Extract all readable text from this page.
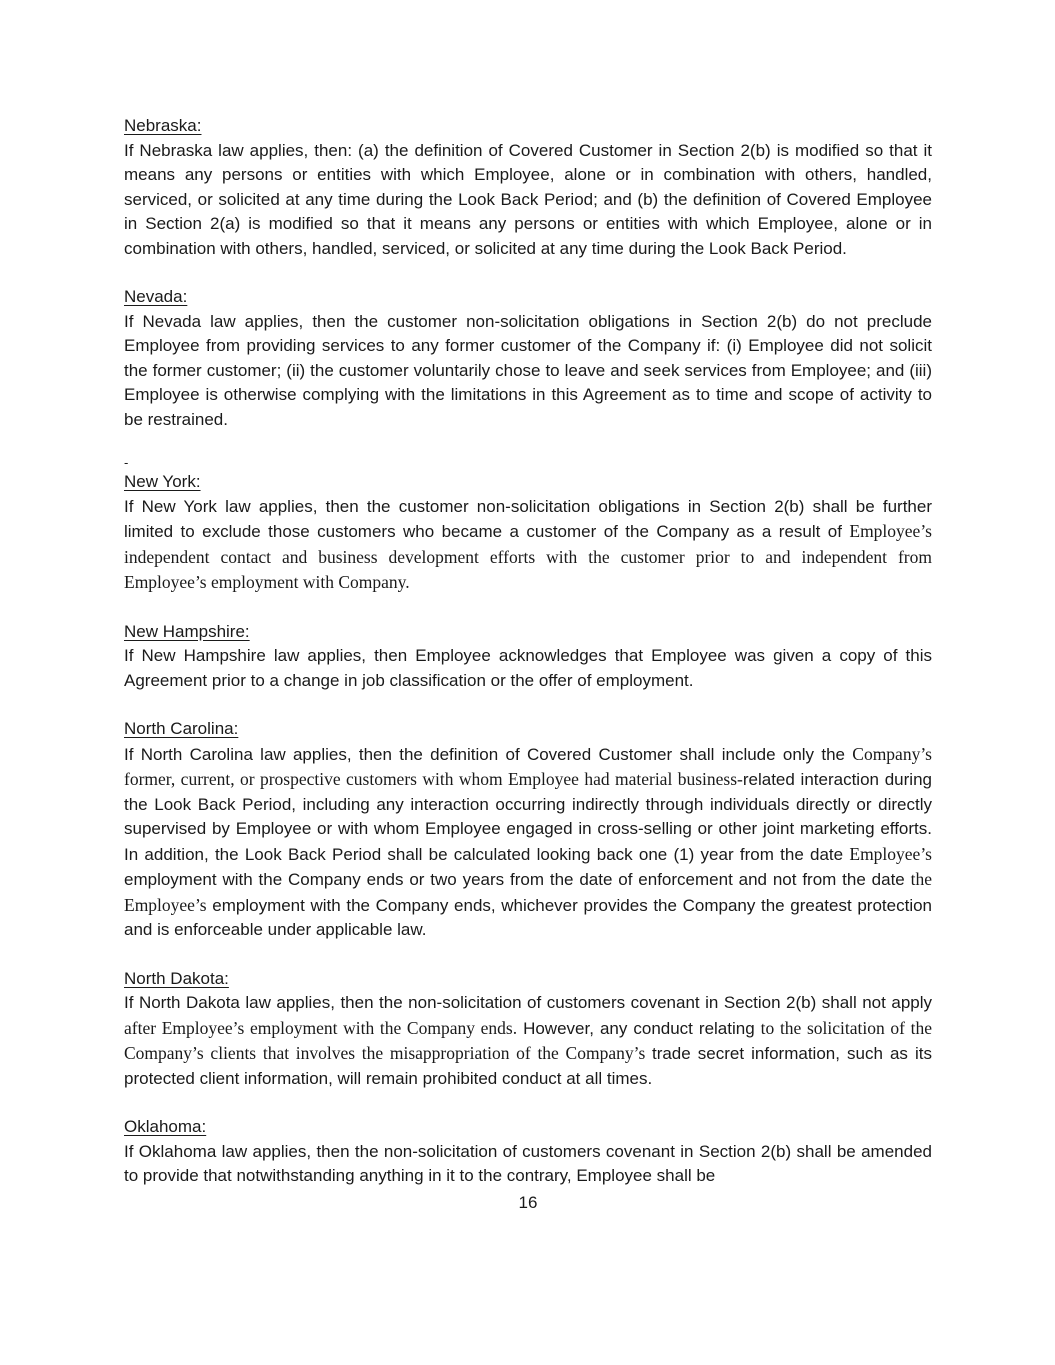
Nebraska:

If Nebraska law applies, then: (a) the definition of Covered Customer in Section 2(b) is modified so that it means any persons or entities with which Employee, alone or in combination with others, handled, serviced, or solicited at any time during the Look Back Period; and (b) the definition of Covered Employee in Section 2(a) is modified so that it means any persons or entities with which Employee, alone or in combination with others, handled, serviced, or solicited at any time during the Look Back Period.

Nevada:

If Nevada law applies, then the customer non-solicitation obligations in Section 2(b) do not preclude Employee from providing services to any former customer of the Company if: (i) Employee did not solicit the former customer; (ii) the customer voluntarily chose to leave and seek services from Employee; and (iii) Employee is otherwise complying with the limitations in this Agreement as to time and scope of activity to be restrained.

-
New York:

If New York law applies, then the customer non-solicitation obligations in Section 2(b) shall be further limited to exclude those customers who became a customer of the Company as a result of Employee’s independent contact and business development efforts with the customer prior to and independent from Employee’s employment with Company.

New Hampshire:

If New Hampshire law applies, then Employee acknowledges that Employee was given a copy of this Agreement prior to a change in job classification or the offer of employment.

North Carolina:

If North Carolina law applies, then the definition of Covered Customer shall include only the Company’s former, current, or prospective customers with whom Employee had material business-related interaction during the Look Back Period, including any interaction occurring indirectly through individuals directly or directly supervised by Employee or with whom Employee engaged in cross-selling or other joint marketing efforts. In addition, the Look Back Period shall be calculated looking back one (1) year from the date Employee’s employment with the Company ends or two years from the date of enforcement and not from the date the Employee’s employment with the Company ends, whichever provides the Company the greatest protection and is enforceable under applicable law.

North Dakota:

If North Dakota law applies, then the non-solicitation of customers covenant in Section 2(b) shall not apply after Employee’s employment with the Company ends. However, any conduct relating to the solicitation of the Company’s clients that involves the misappropriation of the Company’s trade secret information, such as its protected client information, will remain prohibited conduct at all times.

Oklahoma:

If Oklahoma law applies, then the non-solicitation of customers covenant in Section 2(b) shall be amended to provide that notwithstanding anything in it to the contrary, Employee shall be

16
